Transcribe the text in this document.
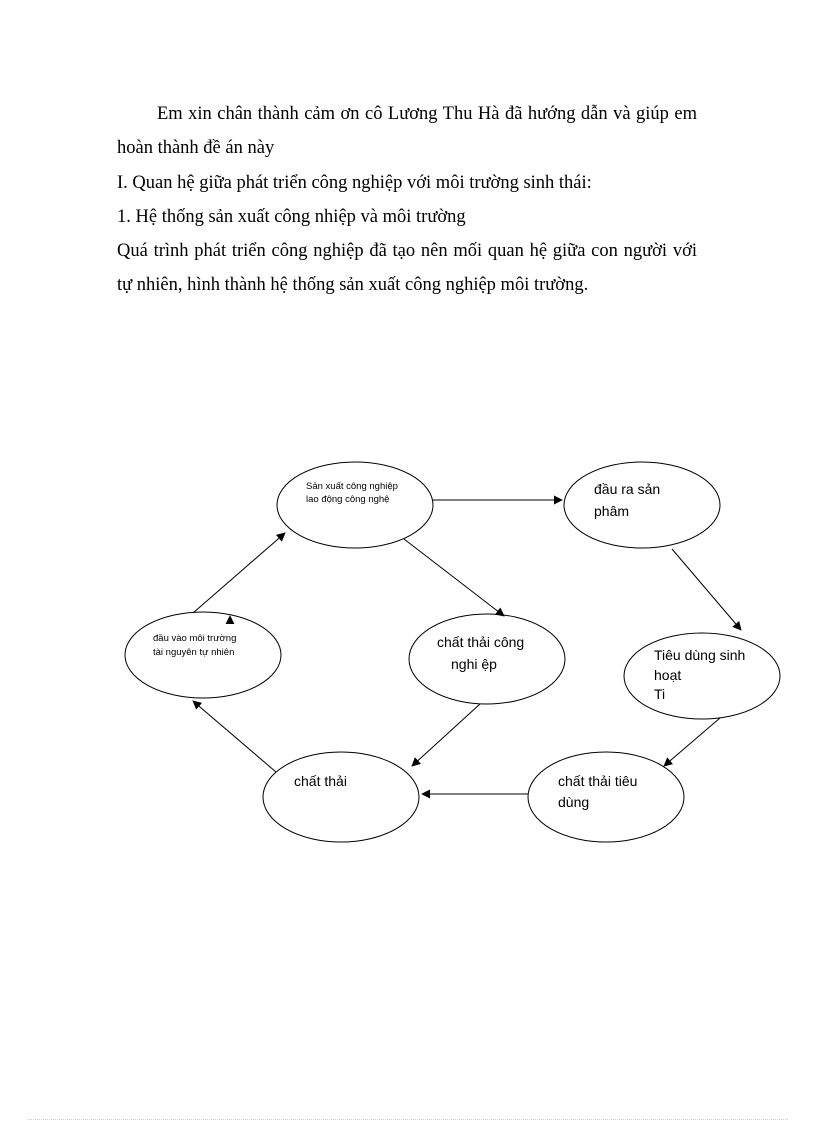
Em xin chân thành cảm ơn cô Lương Thu Hà đã hướng dẫn và giúp em
hoàn thành đề án này

I. Quan hệ giữa phát triển công nghiệp với môi trường sinh thái:

1. Hệ thống sản xuất công nhiệp và môi trường

Quá trình phát triển công nghiệp đã tạo nên mối quan hệ giữa con người với
tự nhiên, hình thành hệ thống sản xuất công nghiệp môi trường.

Sản xuất công nghiệp lao động công nghệ
đầu ra sản phâm
đầu vào môi trường tài nguyên tự nhiên
chất thải công nghi ệp
Tiêu dùng sinh hoạt Ti
chất thải	chất thải tiêu dùng
